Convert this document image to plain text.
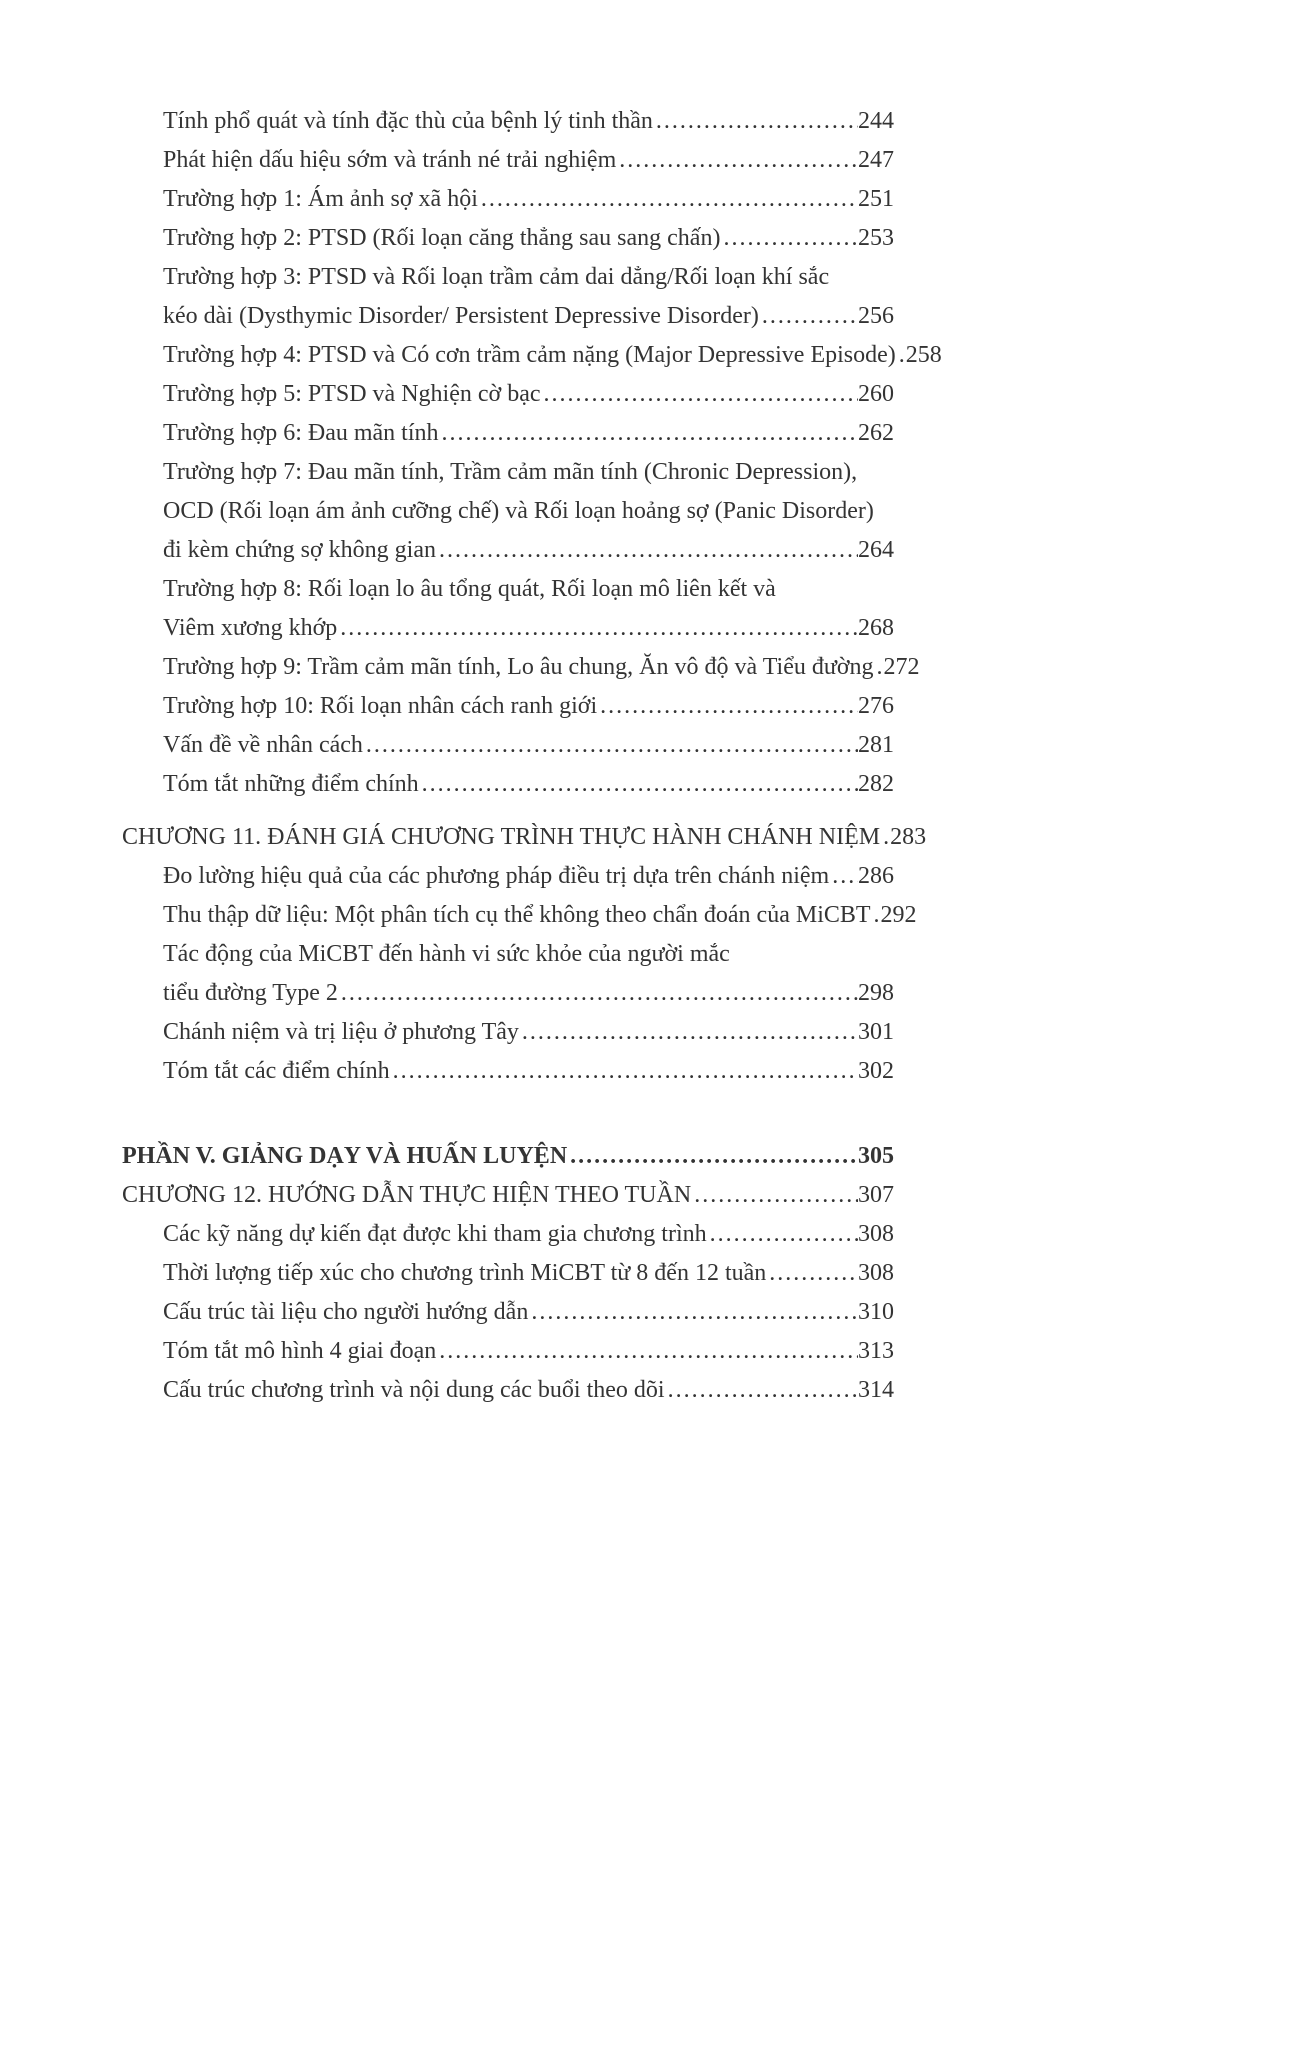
Tính phổ quát và tính đặc thù của bệnh lý tinh thần .....	244
Phát hiện dấu hiệu sớm và tránh né trải nghiệm .....	247
Trường hợp 1: Ám ảnh sợ xã hội .....	251
Trường hợp 2: PTSD (Rối loạn căng thẳng sau sang chấn) .....	253
Trường hợp 3: PTSD và Rối loạn trầm cảm dai dẳng/Rối loạn khí sắc
kéo dài (Dysthymic Disorder/ Persistent Depressive Disorder) .....	256
Trường hợp 4: PTSD và Có cơn trầm cảm nặng (Major Depressive Episode) ..... 258
Trường hợp 5: PTSD và Nghiện cờ bạc .....	260
Trường hợp 6: Đau mãn tính .....	262
Trường hợp 7: Đau mãn tính, Trầm cảm mãn tính (Chronic Depression),
OCD (Rối loạn ám ảnh cưỡng chế) và Rối loạn hoảng sợ (Panic Disorder)
đi kèm chứng sợ không gian .....	264
Trường hợp 8: Rối loạn lo âu tổng quát, Rối loạn mô liên kết và
Viêm xương khớp .....	268
Trường hợp 9: Trầm cảm mãn tính, Lo âu chung, Ăn vô độ và Tiểu đường ..... 272
Trường hợp 10: Rối loạn nhân cách ranh giới .....	276
Vấn đề về nhân cách .....	281
Tóm tắt những điểm chính .....	282
CHƯƠNG 11. ĐÁNH GIÁ CHƯƠNG TRÌNH THỰC HÀNH CHÁNH NIỆM ..... 283
Đo lường hiệu quả của các phương pháp điều trị dựa trên chánh niệm ..... 286
Thu thập dữ liệu: Một phân tích cụ thể không theo chẩn đoán của MiCBT ..... 292
Tác động của MiCBT đến hành vi sức khỏe của người mắc
tiểu đường Type 2 .....	298
Chánh niệm và trị liệu ở phương Tây .....	301
Tóm tắt các điểm chính .....	302
PHẦN V. GIẢNG DẠY VÀ HUẤN LUYỆN .....	305
CHƯƠNG 12. HƯỚNG DẪN THỰC HIỆN THEO TUẦN .....	307
Các kỹ năng dự kiến đạt được khi tham gia chương trình .....	308
Thời lượng tiếp xúc cho chương trình MiCBT từ 8 đến 12 tuần .....	308
Cấu trúc tài liệu cho người hướng dẫn .....	310
Tóm tắt mô hình 4 giai đoạn .....	313
Cấu trúc chương trình và nội dung các buổi theo dõi .....	314
